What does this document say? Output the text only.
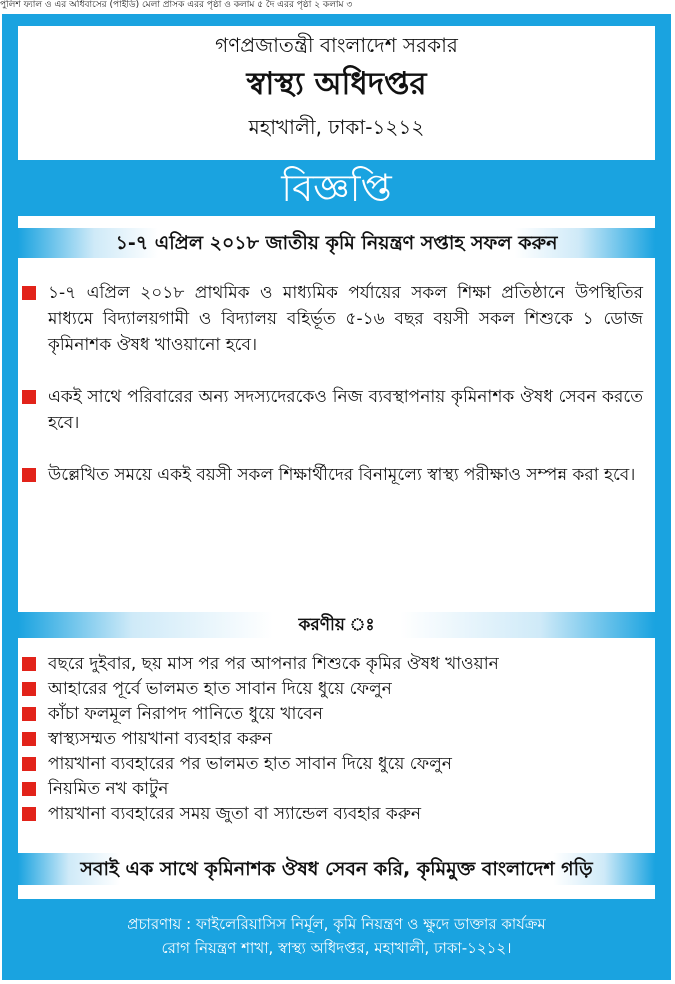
পুলিশ ফ্যাল ও এর অধিবাসের (পাইডি) মেলা প্রাসক এরর পৃষ্ঠা ও কলাম ৫ দৈ এরর পৃষ্ঠা ২ কলাম ৩
গণপ্রজাতন্ত্রী বাংলাদেশ সরকার
স্বাস্থ্য অধিদপ্তর
মহাখালী, ঢাকা-১২১২
বিজ্ঞপ্তি
১-৭ এপ্রিল ২০১৮ জাতীয় কৃমি নিয়ন্ত্রণ সপ্তাহ সফল করুন
১-৭ এপ্রিল ২০১৮ প্রাথমিক ও মাধ্যমিক পর্যায়ের সকল শিক্ষা প্রতিষ্ঠানে উপস্থিতির মাধ্যমে বিদ্যালয়গামী ও বিদ্যালয় বহির্ভূত ৫-১৬ বছর বয়সী সকল শিশুকে ১ ডোজ কৃমিনাশক ঔষধ খাওয়ানো হবে।
একই সাথে পরিবারের অন্য সদস্যদেরকেও নিজ ব্যবস্থাপনায় কৃমিনাশক ঔষধ সেবন করতে হবে।
উল্লেখিত সময়ে একই বয়সী সকল শিক্ষার্থীদের বিনামূল্যে স্বাস্থ্য পরীক্ষাও সম্পন্ন করা হবে।
করণীয় ঃ
বছরে দুইবার, ছয় মাস পর পর আপনার শিশুকে কৃমির ঔষধ খাওয়ান
আহারের পূর্বে ভালমত হাত সাবান দিয়ে ধুয়ে ফেলুন
কাঁচা ফলমূল নিরাপদ পানিতে ধুয়ে খাবেন
স্বাস্থ্যসম্মত পায়খানা ব্যবহার করুন
পায়খানা ব্যবহারের পর ভালমত হাত সাবান দিয়ে ধুয়ে ফেলুন
নিয়মিত নখ কাটুন
পায়খানা ব্যবহারের সময় জুতা বা স্যান্ডেল ব্যবহার করুন
সবাই এক সাথে কৃমিনাশক ঔষধ সেবন করি, কৃমিমুক্ত বাংলাদেশ গড়ি
প্রচারণায় : ফাইলেরিয়াসিস নির্মূল, কৃমি নিয়ন্ত্রণ ও ক্ষুদে ডাক্তার কার্যক্রম
রোগ নিয়ন্ত্রণ শাখা, স্বাস্থ্য অধিদপ্তর, মহাখালী, ঢাকা-১২১২।
